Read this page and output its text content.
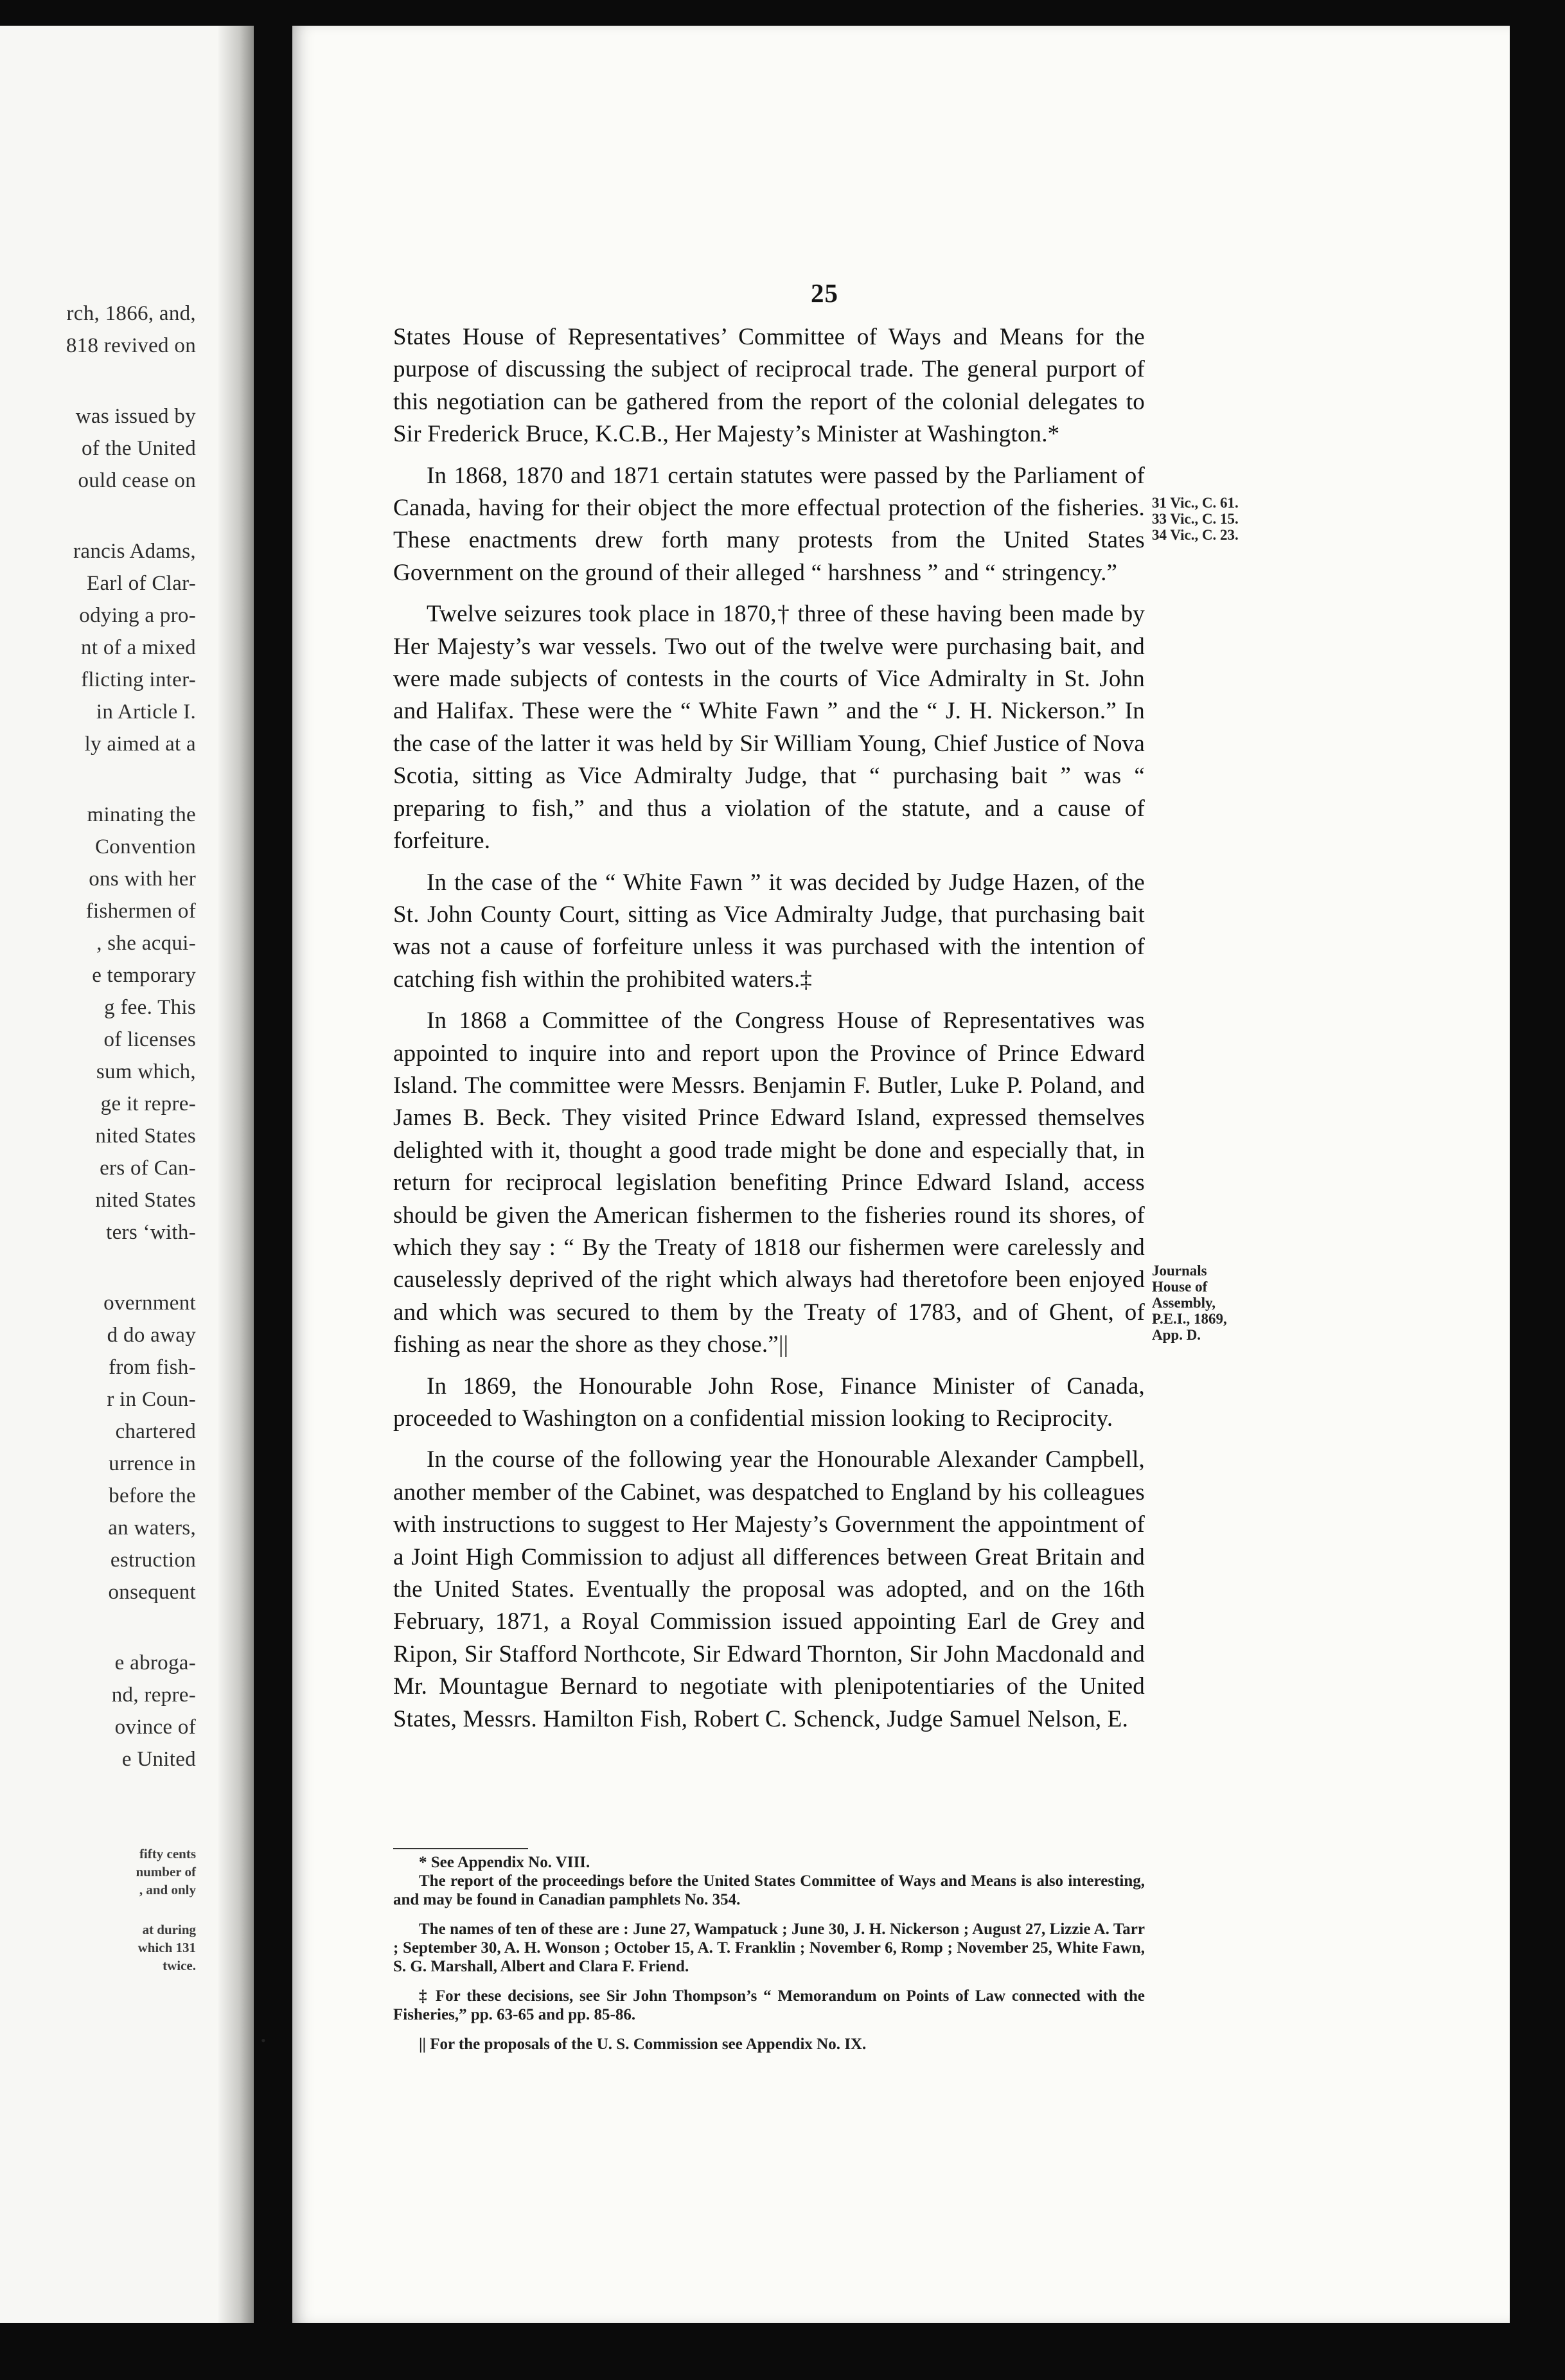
rch, 1866, and,
818 revived on
was issued by
of the United
ould cease on
rancis Adams,
Earl of Clar-
odying a pro-
nt of a mixed
flicting inter-
in Article I.
ly aimed at a
minating the
Convention
ons with her
fishermen of
, she acqui-
e temporary
g fee. This
of licenses
sum which,
ge it repre-
nited States
ers of Can-
nited States
ters ‘with-
overnment
d do away
from fish-
r in Coun-
chartered
urrence in
before the
an waters,
estruction
onsequent
e abroga-
nd, repre-
ovince of
e United
fifty cents
number of
, and only
at during
which 131
twice.
25

States House of Representatives’ Committee of Ways and Means for the purpose of discussing the subject of reciprocal trade. The general purport of this negotiation can be gathered from the report of the colonial delegates to Sir Frederick Bruce, K.C.B., Her Majesty’s Minister at Washington.*

In 1868, 1870 and 1871 certain statutes were passed by the Parliament of Canada, having for their object the more effectual protection of the fisheries. These enactments drew forth many protests from the United States Government on the ground of their alleged “ harshness ” and “ stringency.”

Twelve seizures took place in 1870,† three of these having been made by Her Majesty’s war vessels. Two out of the twelve were purchasing bait, and were made subjects of contests in the courts of Vice Admiralty in St. John and Halifax. These were the “ White Fawn ” and the “ J. H. Nickerson.” In the case of the latter it was held by Sir William Young, Chief Justice of Nova Scotia, sitting as Vice Admiralty Judge, that “ purchasing bait ” was “ preparing to fish,” and thus a violation of the statute, and a cause of forfeiture.

In the case of the “ White Fawn ” it was decided by Judge Hazen, of the St. John County Court, sitting as Vice Admiralty Judge, that purchasing bait was not a cause of forfeiture unless it was purchased with the intention of catching fish within the prohibited waters.‡

In 1868 a Committee of the Congress House of Representatives was appointed to inquire into and report upon the Province of Prince Edward Island. The committee were Messrs. Benjamin F. Butler, Luke P. Poland, and James B. Beck. They visited Prince Edward Island, expressed themselves delighted with it, thought a good trade might be done and especially that, in return for reciprocal legislation benefiting Prince Edward Island, access should be given the American fishermen to the fisheries round its shores, of which they say : “ By the Treaty of 1818 our fishermen were carelessly and causelessly deprived of the right which always had theretofore been enjoyed and which was secured to them by the Treaty of 1783, and of Ghent, of fishing as near the shore as they chose.”||

In 1869, the Honourable John Rose, Finance Minister of Canada, proceeded to Washington on a confidential mission looking to Reciprocity.

In the course of the following year the Honourable Alexander Campbell, another member of the Cabinet, was despatched to England by his colleagues with instructions to suggest to Her Majesty’s Government the appointment of a Joint High Commission to adjust all differences between Great Britain and the United States. Eventually the proposal was adopted, and on the 16th February, 1871, a Royal Commission issued appointing Earl de Grey and Ripon, Sir Stafford Northcote, Sir Edward Thornton, Sir John Macdonald and Mr. Mountague Bernard to negotiate with plenipotentiaries of the United States, Messrs. Hamilton Fish, Robert C. Schenck, Judge Samuel Nelson, E.

31 Vic., C. 61.
33 Vic., C. 15.
34 Vic., C. 23.
Journals
House of
Assembly,
P.E.I., 1869,
App. D.

* See Appendix No. VIII.

The report of the proceedings before the United States Committee of Ways and Means is also interesting, and may be found in Canadian pamphlets No. 354.

The names of ten of these are : June 27, Wampatuck ; June 30, J. H. Nickerson ; August 27, Lizzie A. Tarr ; September 30, A. H. Wonson ; October 15, A. T. Franklin ; November 6, Romp ; November 25, White Fawn, S. G. Marshall, Albert and Clara F. Friend.

‡ For these decisions, see Sir John Thompson’s “ Memorandum on Points of Law connected with the Fisheries,” pp. 63-65 and pp. 85-86.

|| For the proposals of the U. S. Commission see Appendix No. IX.

•
